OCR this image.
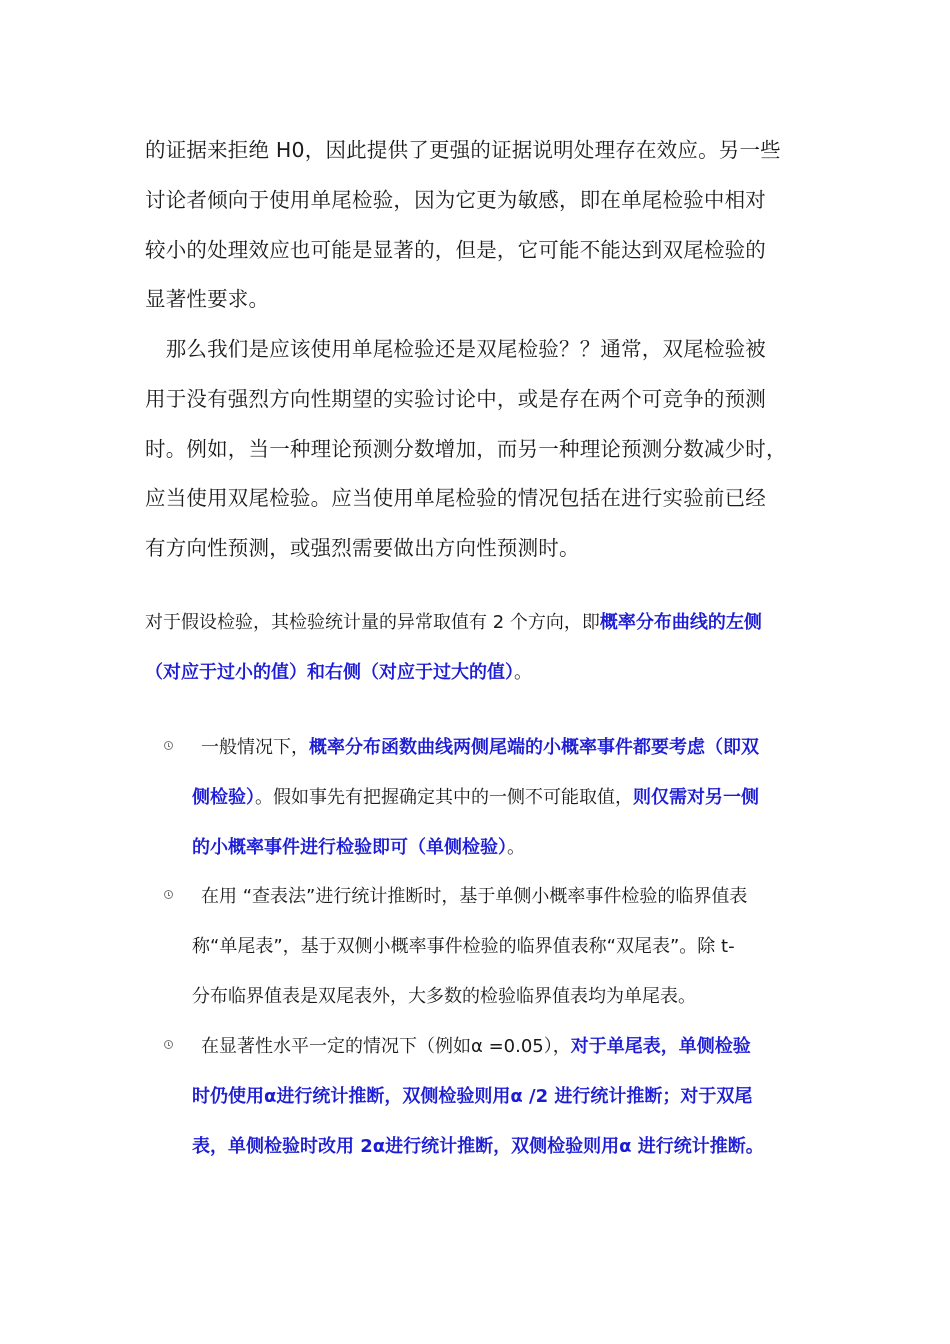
的证据来拒绝 H0，因此提供了更强的证据说明处理存在效应。另一些
讨论者倾向于使用单尾检验，因为它更为敏感，即在单尾检验中相对
较小的处理效应也可能是显著的，但是，它可能不能达到双尾检验的
显著性要求。
　那么我们是应该使用单尾检验还是双尾检验？？通常，双尾检验被
用于没有强烈方向性期望的实验讨论中，或是存在两个可竞争的预测
时。例如，当一种理论预测分数增加，而另一种理论预测分数减少时，
应当使用双尾检验。应当使用单尾检验的情况包括在进行实验前已经
有方向性预测，或强烈需要做出方向性预测时。
对于假设检验，其检验统计量的异常取值有 2 个方向，即概率分布曲线的左侧
（对应于过小的值）和右侧（对应于过大的值）。
一般情况下，概率分布函数曲线两侧尾端的小概率事件都要考虑（即双
侧检验）。假如事先有把握确定其中的一侧不可能取值，则仅需对另一侧
的小概率事件进行检验即可（单侧检验）。
在用 “查表法”进行统计推断时，基于单侧小概率事件检验的临界值表
称“单尾表”，基于双侧小概率事件检验的临界值表称“双尾表”。除 t-
分布临界值表是双尾表外，大多数的检验临界值表均为单尾表。
在显著性水平一定的情况下（例如α =0.05），对于单尾表，单侧检验
时仍使用α进行统计推断，双侧检验则用α /2 进行统计推断；对于双尾
表，单侧检验时改用 2α进行统计推断，双侧检验则用α 进行统计推断。
